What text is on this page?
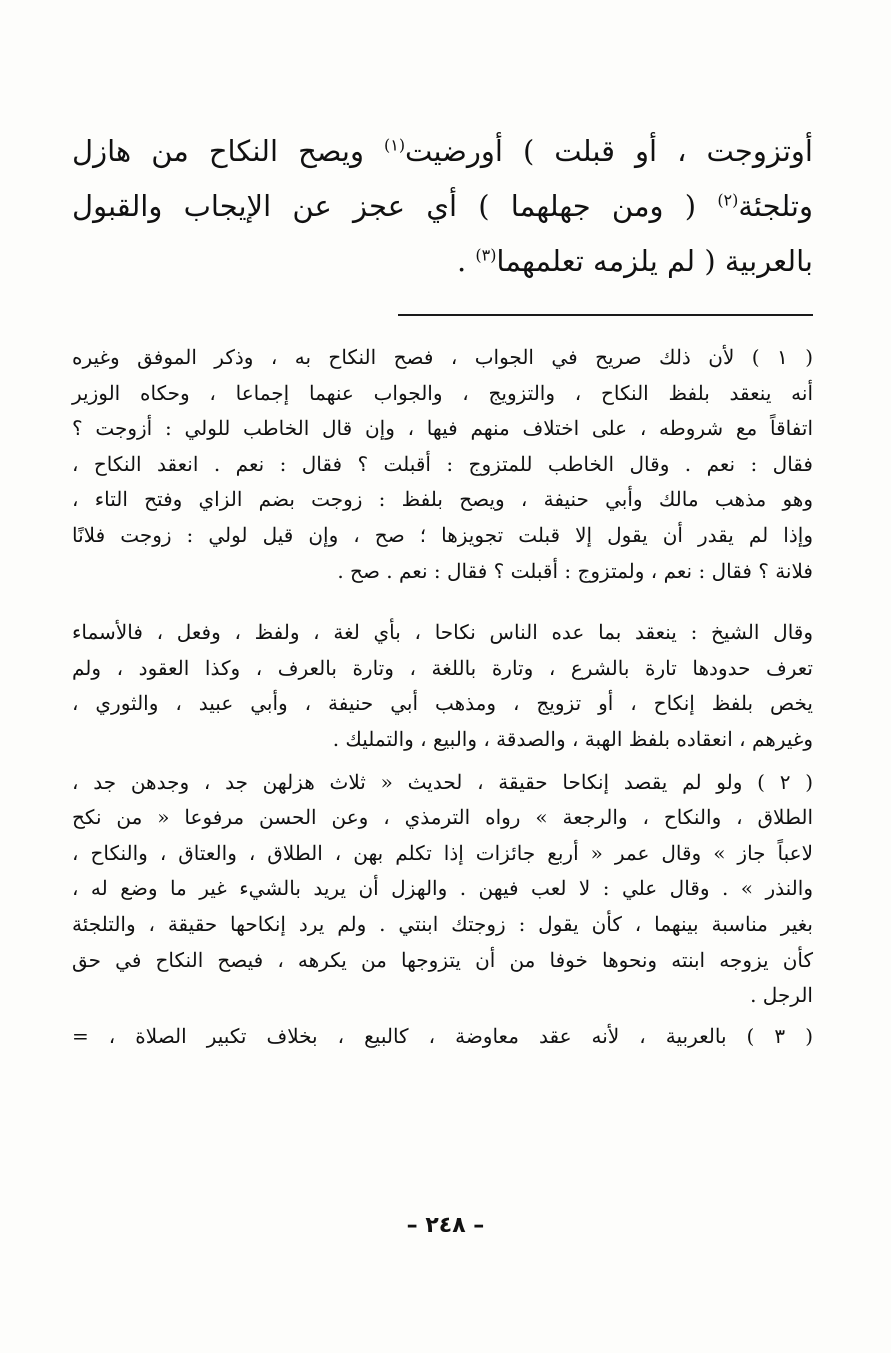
أوتزوجت ، أو قبلت ) أورضيت$^{(١)}$ ويصح النكاح من هازل
وتلجئة$^{(٢)}$ ( ومن جهلهما ) أي عجز عن الإيجاب والقبول
بالعربية ( لم يلزمه تعلمهما$^{(٣)}$ .
( ١ ) لأن ذلك صريح في الجواب ، فصح النكاح به ، وذكر الموفق وغيره
أنه ينعقد بلفظ النكاح ، والتزويج ، والجواب عنهما إجماعا ، وحكاه الوزير
اتفاقاً مع شروطه ، على اختلاف منهم فيها ، وإن قال الخاطب للولي : أزوجت ؟
فقال : نعم . وقال الخاطب للمتزوج : أقبلت ؟ فقال : نعم . انعقد النكاح ،
وهو مذهب مالك وأبي حنيفة ، ويصح بلفظ : زوجت بضم الزاي وفتح التاء ،
وإذا لم يقدر أن يقول إلا قبلت تجويزها ؛ صح ، وإن قيل لولي : زوجت فلانًا
فلانة ؟ فقال : نعم ، ولمتزوج : أقبلت ؟ فقال : نعم . صح .
وقال الشيخ : ينعقد بما عده الناس نكاحا ، بأي لغة ، ولفظ ، وفعل ، فالأسماء
تعرف حدودها تارة بالشرع ، وتارة باللغة ، وتارة بالعرف ، وكذا العقود ، ولم
يخص بلفظ إنكاح ، أو تزويج ، ومذهب أبي حنيفة ، وأبي عبيد ، والثوري ،
وغيرهم ، انعقاده بلفظ الهبة ، والصدقة ، والبيع ، والتمليك .
( ٢ ) ولو لم يقصد إنكاحا حقيقة ، لحديث « ثلاث هزلهن جد ، وجدهن جد ،
الطلاق ، والنكاح ، والرجعة » رواه الترمذي ، وعن الحسن مرفوعا « من نكح
لاعباً جاز » وقال عمر « أربع جائزات إذا تكلم بهن ، الطلاق ، والعتاق ، والنكاح ،
والنذر » . وقال علي : لا لعب فيهن . والهزل أن يريد بالشيء غير ما وضع له ،
بغير مناسبة بينهما ، كأن يقول : زوجتك ابنتي . ولم يرد إنكاحها حقيقة ، والتلجئة
كأن يزوجه ابنته ونحوها خوفا من أن يتزوجها من يكرهه ، فيصح النكاح في حق
الرجل .
( ٣ ) بالعربية ، لأنه عقد معاوضة ، كالبيع ، بخلاف تكبير الصلاة ، =
– ٢٤٨ –
